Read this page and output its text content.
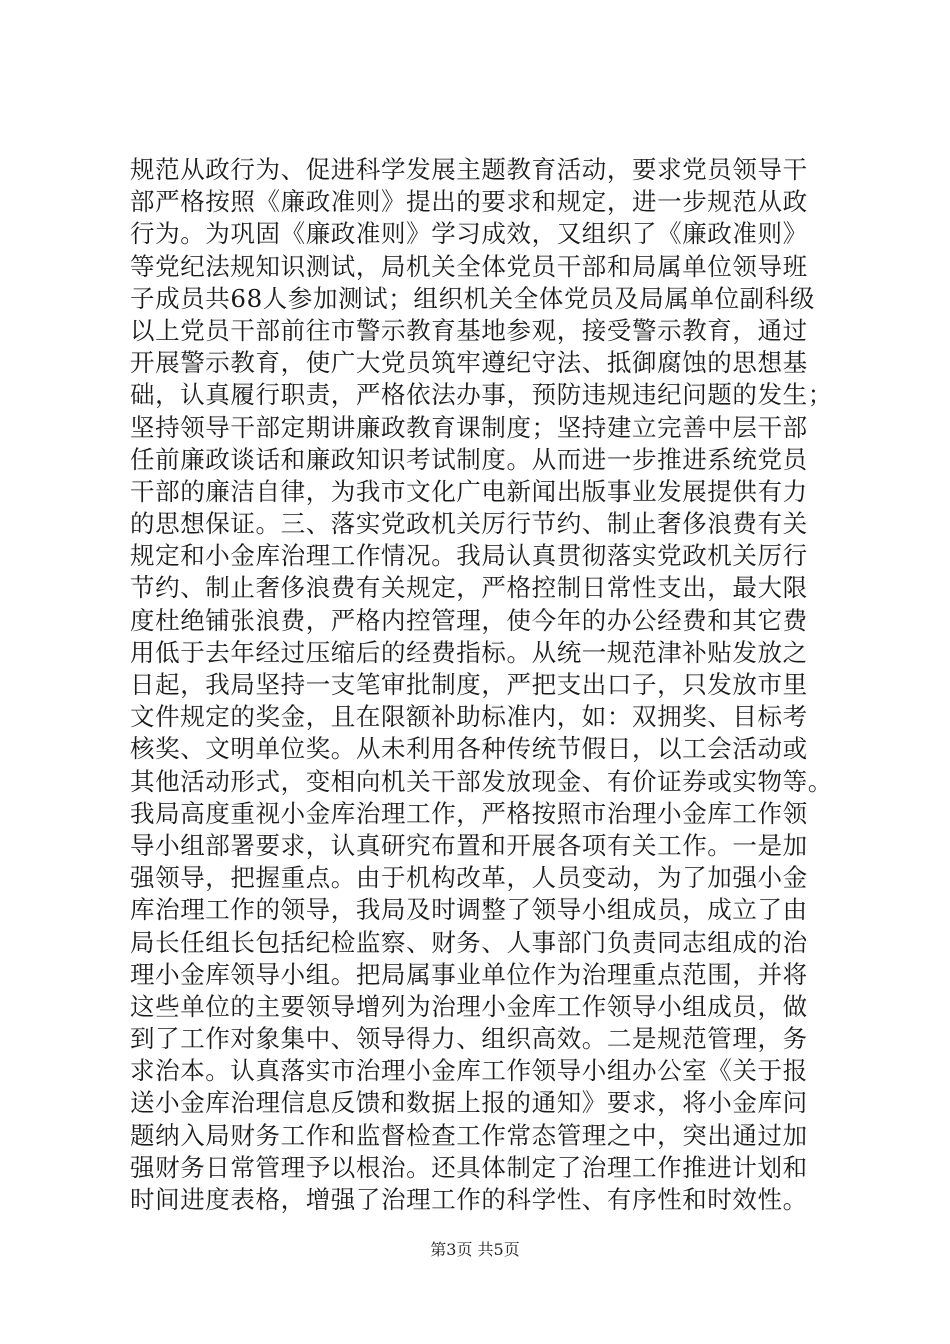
规范从政行为、促进科学发展主题教育活动，要求党员领导干
部严格按照《廉政准则》提出的要求和规定，进一步规范从政
行为。为巩固《廉政准则》学习成效，又组织了《廉政准则》
等党纪法规知识测试，局机关全体党员干部和局属单位领导班
子成员共68人参加测试；组织机关全体党员及局属单位副科级
以上党员干部前往市警示教育基地参观，接受警示教育，通过
开展警示教育，使广大党员筑牢遵纪守法、抵御腐蚀的思想基
础，认真履行职责，严格依法办事，预防违规违纪问题的发生；
坚持领导干部定期讲廉政教育课制度；坚持建立完善中层干部
任前廉政谈话和廉政知识考试制度。从而进一步推进系统党员
干部的廉洁自律，为我市文化广电新闻出版事业发展提供有力
的思想保证。三、落实党政机关厉行节约、制止奢侈浪费有关
规定和小金库治理工作情况。我局认真贯彻落实党政机关厉行
节约、制止奢侈浪费有关规定，严格控制日常性支出，最大限
度杜绝铺张浪费，严格内控管理，使今年的办公经费和其它费
用低于去年经过压缩后的经费指标。从统一规范津补贴发放之
日起，我局坚持一支笔审批制度，严把支出口子，只发放市里
文件规定的奖金，且在限额补助标准内，如：双拥奖、目标考
核奖、文明单位奖。从未利用各种传统节假日，以工会活动或
其他活动形式，变相向机关干部发放现金、有价证券或实物等。
我局高度重视小金库治理工作，严格按照市治理小金库工作领
导小组部署要求，认真研究布置和开展各项有关工作。一是加
强领导，把握重点。由于机构改革，人员变动，为了加强小金
库治理工作的领导，我局及时调整了领导小组成员，成立了由
局长任组长包括纪检监察、财务、人事部门负责同志组成的治
理小金库领导小组。把局属事业单位作为治理重点范围，并将
这些单位的主要领导增列为治理小金库工作领导小组成员，做
到了工作对象集中、领导得力、组织高效。二是规范管理，务
求治本。认真落实市治理小金库工作领导小组办公室《关于报
送小金库治理信息反馈和数据上报的通知》要求，将小金库问
题纳入局财务工作和监督检查工作常态管理之中，突出通过加
强财务日常管理予以根治。还具体制定了治理工作推进计划和
时间进度表格，增强了治理工作的科学性、有序性和时效性。
第3页 共5页
